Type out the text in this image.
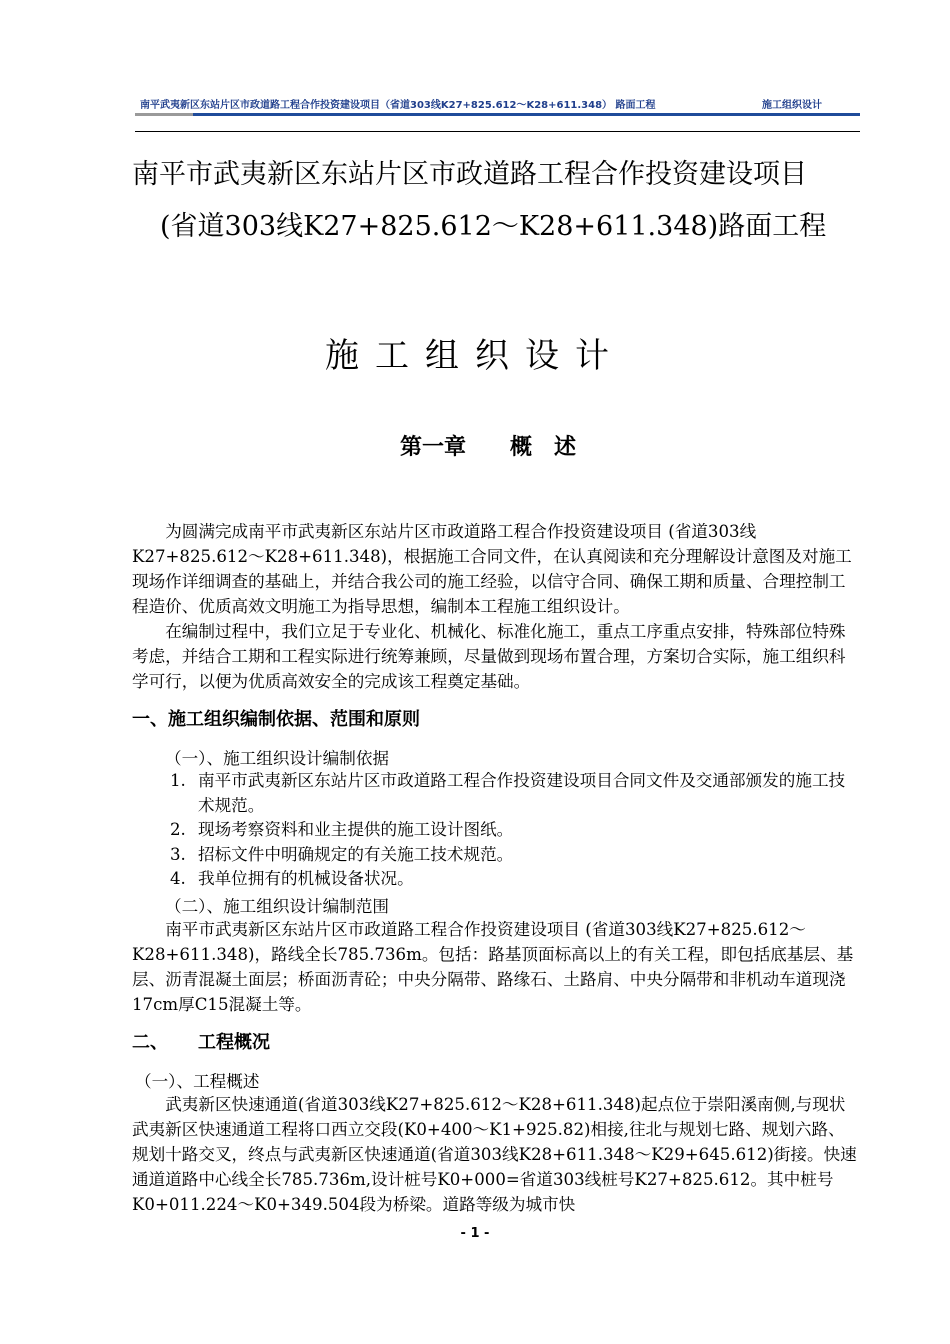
南平武夷新区东站片区市政道路工程合作投资建设项目（省道303线K27+825.612～K28+611.348） 路面工程	施工组织设计
南平市武夷新区东站片区市政道路工程合作投资建设项目
(省道303线K27+825.612～K28+611.348)路面工程
施工组织设计
第一章　　概　述

为圆满完成南平市武夷新区东站片区市政道路工程合作投资建设项目 (省道303线K27+825.612～K28+611.348)，根据施工合同文件，在认真阅读和充分理解设计意图及对施工现场作详细调查的基础上，并结合我公司的施工经验，以信守合同、确保工期和质量、合理控制工程造价、优质高效文明施工为指导思想，编制本工程施工组织设计。

在编制过程中，我们立足于专业化、机械化、标准化施工，重点工序重点安排，特殊部位特殊考虑，并结合工期和工程实际进行统筹兼顾，尽量做到现场布置合理，方案切合实际，施工组织科学可行，以便为优质高效安全的完成该工程奠定基础。

一、施工组织编制依据、范围和原则
（一）、施工组织设计编制依据
1. 南平市武夷新区东站片区市政道路工程合作投资建设项目合同文件及交通部颁发的施工技术规范。
2. 现场考察资料和业主提供的施工设计图纸。
3. 招标文件中明确规定的有关施工技术规范。
4. 我单位拥有的机械设备状况。
（二）、施工组织设计编制范围

南平市武夷新区东站片区市政道路工程合作投资建设项目 (省道303线K27+825.612～K28+611.348)，路线全长785.736m。包括：路基顶面标高以上的有关工程，即包括底基层、基层、沥青混凝土面层；桥面沥青砼；中央分隔带、路缘石、土路肩、中央分隔带和非机动车道现浇17cm厚C15混凝土等。

二、 工程概况
（一）、工程概述

武夷新区快速通道(省道303线K27+825.612～K28+611.348)起点位于崇阳溪南侧,与现状武夷新区快速通道工程将口西立交段(K0+400～K1+925.82)相接,往北与规划七路、规划六路、规划十路交叉，终点与武夷新区快速通道(省道303线K28+611.348～K29+645.612)街接。快速通道道路中心线全长785.736m,设计桩号K0+000=省道303线桩号K27+825.612。其中桩号K0+011.224～K0+349.504段为桥梁。道路等级为城市快

- 1 -
